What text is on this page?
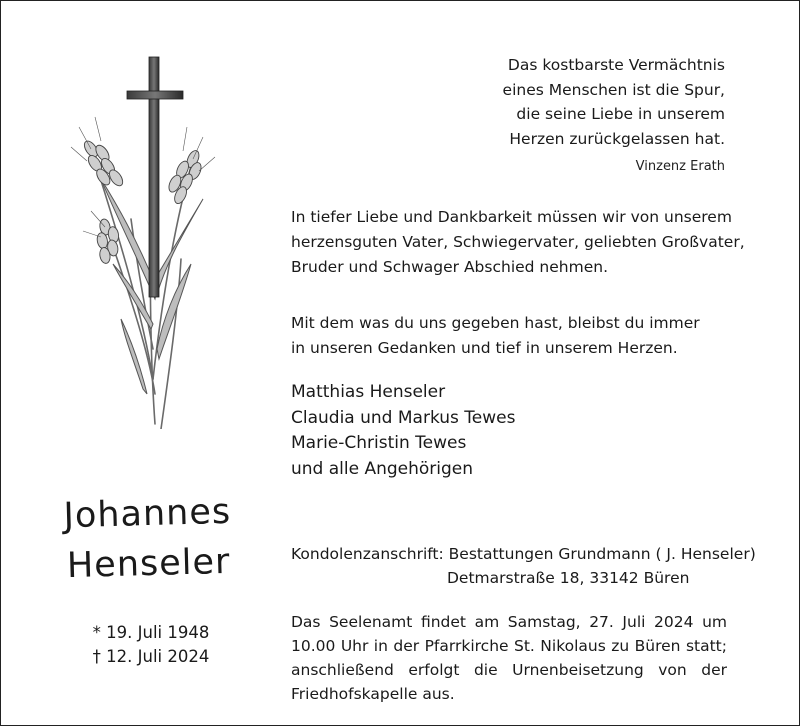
Das kostbarste Vermächtnis
eines Menschen ist die Spur,
die seine Liebe in unserem
Herzen zurückgelassen hat.
Vinzenz Erath
In tiefer Liebe und Dankbarkeit müssen wir von unserem
herzensguten Vater, Schwiegervater, geliebten Großvater,
Bruder und Schwager Abschied nehmen.
Mit dem was du uns gegeben hast, bleibst du immer
in unseren Gedanken und tief in unserem Herzen.
Matthias Henseler
Claudia und Markus Tewes
Marie-Christin Tewes
und alle Angehörigen
Johannes
Henseler
* 19. Juli 1948
† 12. Juli 2024
Kondolenzanschrift: Bestattungen Grundmann ( J. Henseler)
Detmarstraße 18, 33142 Büren
Das Seelenamt findet am Samstag, 27. Juli 2024 um 10.00 Uhr in der Pfarrkirche St. Nikolaus zu Büren statt; anschließend erfolgt die Urnenbeisetzung von der Friedhofskapelle aus.
